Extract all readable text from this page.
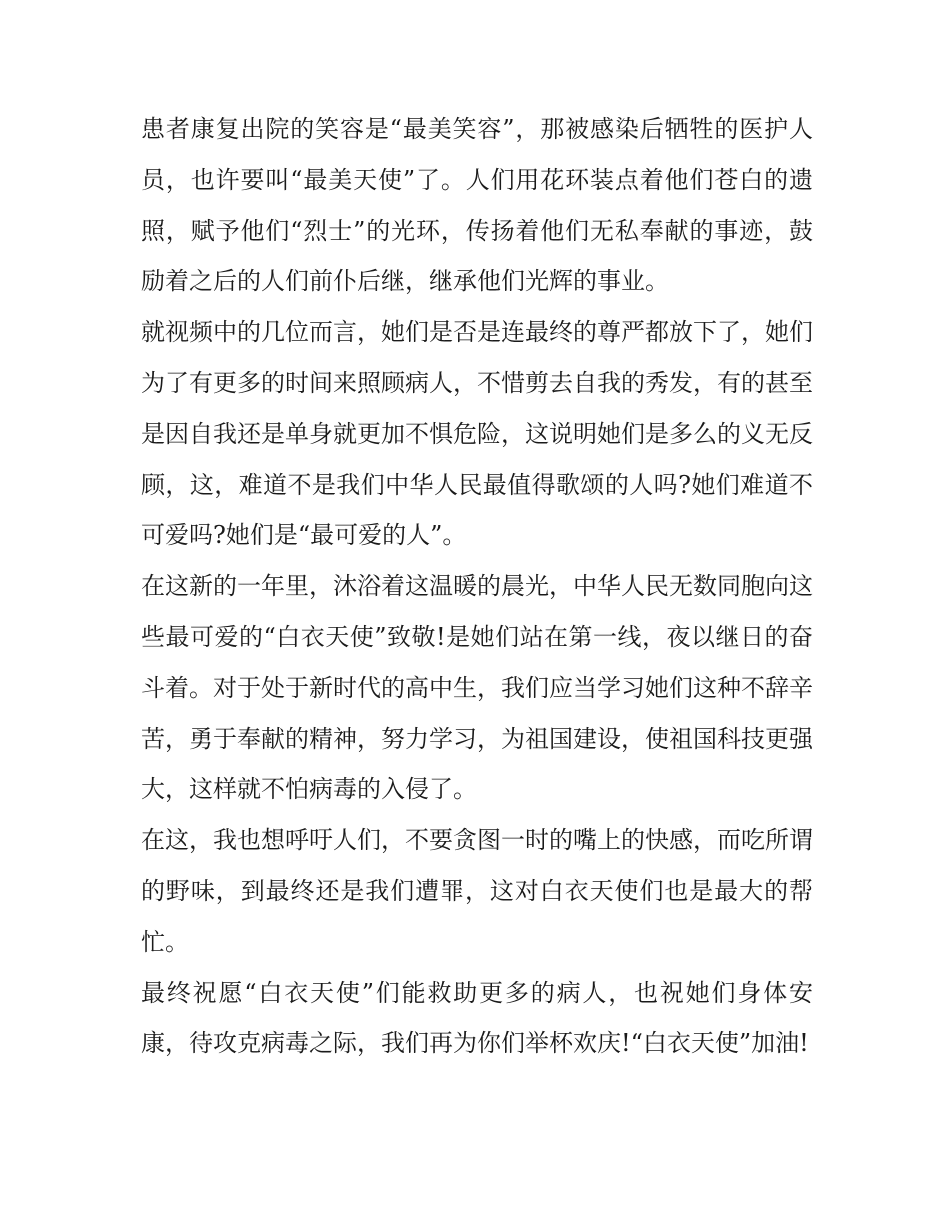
患者康复出院的笑容是“最美笑容”，那被感染后牺牲的医护人员，也许要叫“最美天使”了。人们用花环装点着他们苍白的遗照，赋予他们“烈士”的光环，传扬着他们无私奉献的事迹，鼓励着之后的人们前仆后继，继承他们光辉的事业。

就视频中的几位而言，她们是否是连最终的尊严都放下了，她们为了有更多的时间来照顾病人，不惜剪去自我的秀发，有的甚至是因自我还是单身就更加不惧危险，这说明她们是多么的义无反顾，这，难道不是我们中华人民最值得歌颂的人吗?她们难道不可爱吗?她们是“最可爱的人”。

在这新的一年里，沐浴着这温暖的晨光，中华人民无数同胞向这些最可爱的“白衣天使”致敬!是她们站在第一线，夜以继日的奋斗着。对于处于新时代的高中生，我们应当学习她们这种不辞辛苦，勇于奉献的精神，努力学习，为祖国建设，使祖国科技更强大，这样就不怕病毒的入侵了。

在这，我也想呼吁人们，不要贪图一时的嘴上的快感，而吃所谓的野味，到最终还是我们遭罪，这对白衣天使们也是最大的帮忙。

最终祝愿“白衣天使”们能救助更多的病人，也祝她们身体安康，待攻克病毒之际，我们再为你们举杯欢庆!“白衣天使”加油!
